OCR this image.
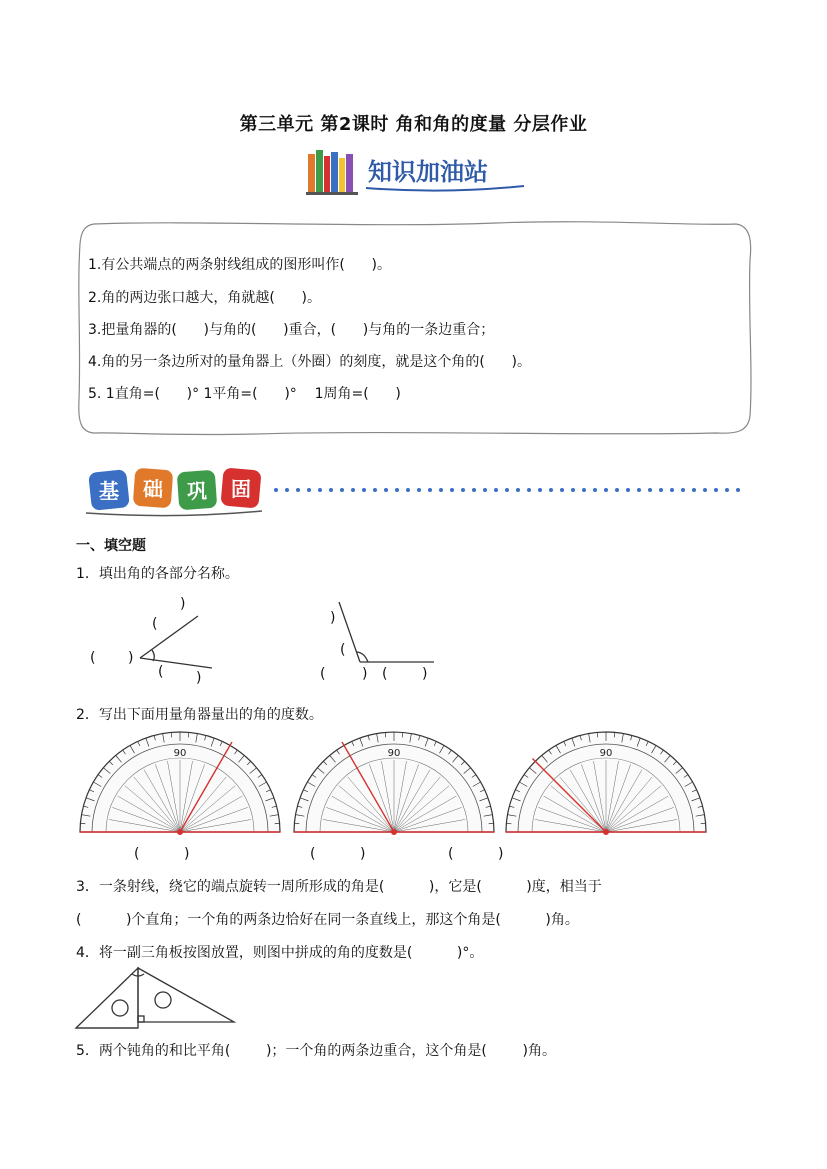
第三单元 第2课时 角和角的度量 分层作业
知识加油站
1.有公共端点的两条射线组成的图形叫作(      )。
2.角的两边张口越大，角就越(      )。
3.把量角器的(      )与角的(      )重合，(      )与角的一条边重合；
4.角的另一条边所对的量角器上（外圈）的刻度，就是这个角的(      )。
5. 1直角=(      )° 1平角=(      )°    1周角=(      )
基 础 巩 固
一、填空题
1．填出角的各部分名称。
)
(
( )
( )
)
(
(	) ( )
2．写出下面用量角器量出的角的度数。
90	90	90
(          )	(          )	(          )
3．一条射线，绕它的端点旋转一周所形成的角是(          )，它是(          )度，相当于
(          )个直角；一个角的两条边恰好在同一条直线上，那这个角是(          )角。
4．将一副三角板按图放置，则图中拼成的角的度数是(          )°。
5．两个钝角的和比平角(        )；一个角的两条边重合，这个角是(        )角。
